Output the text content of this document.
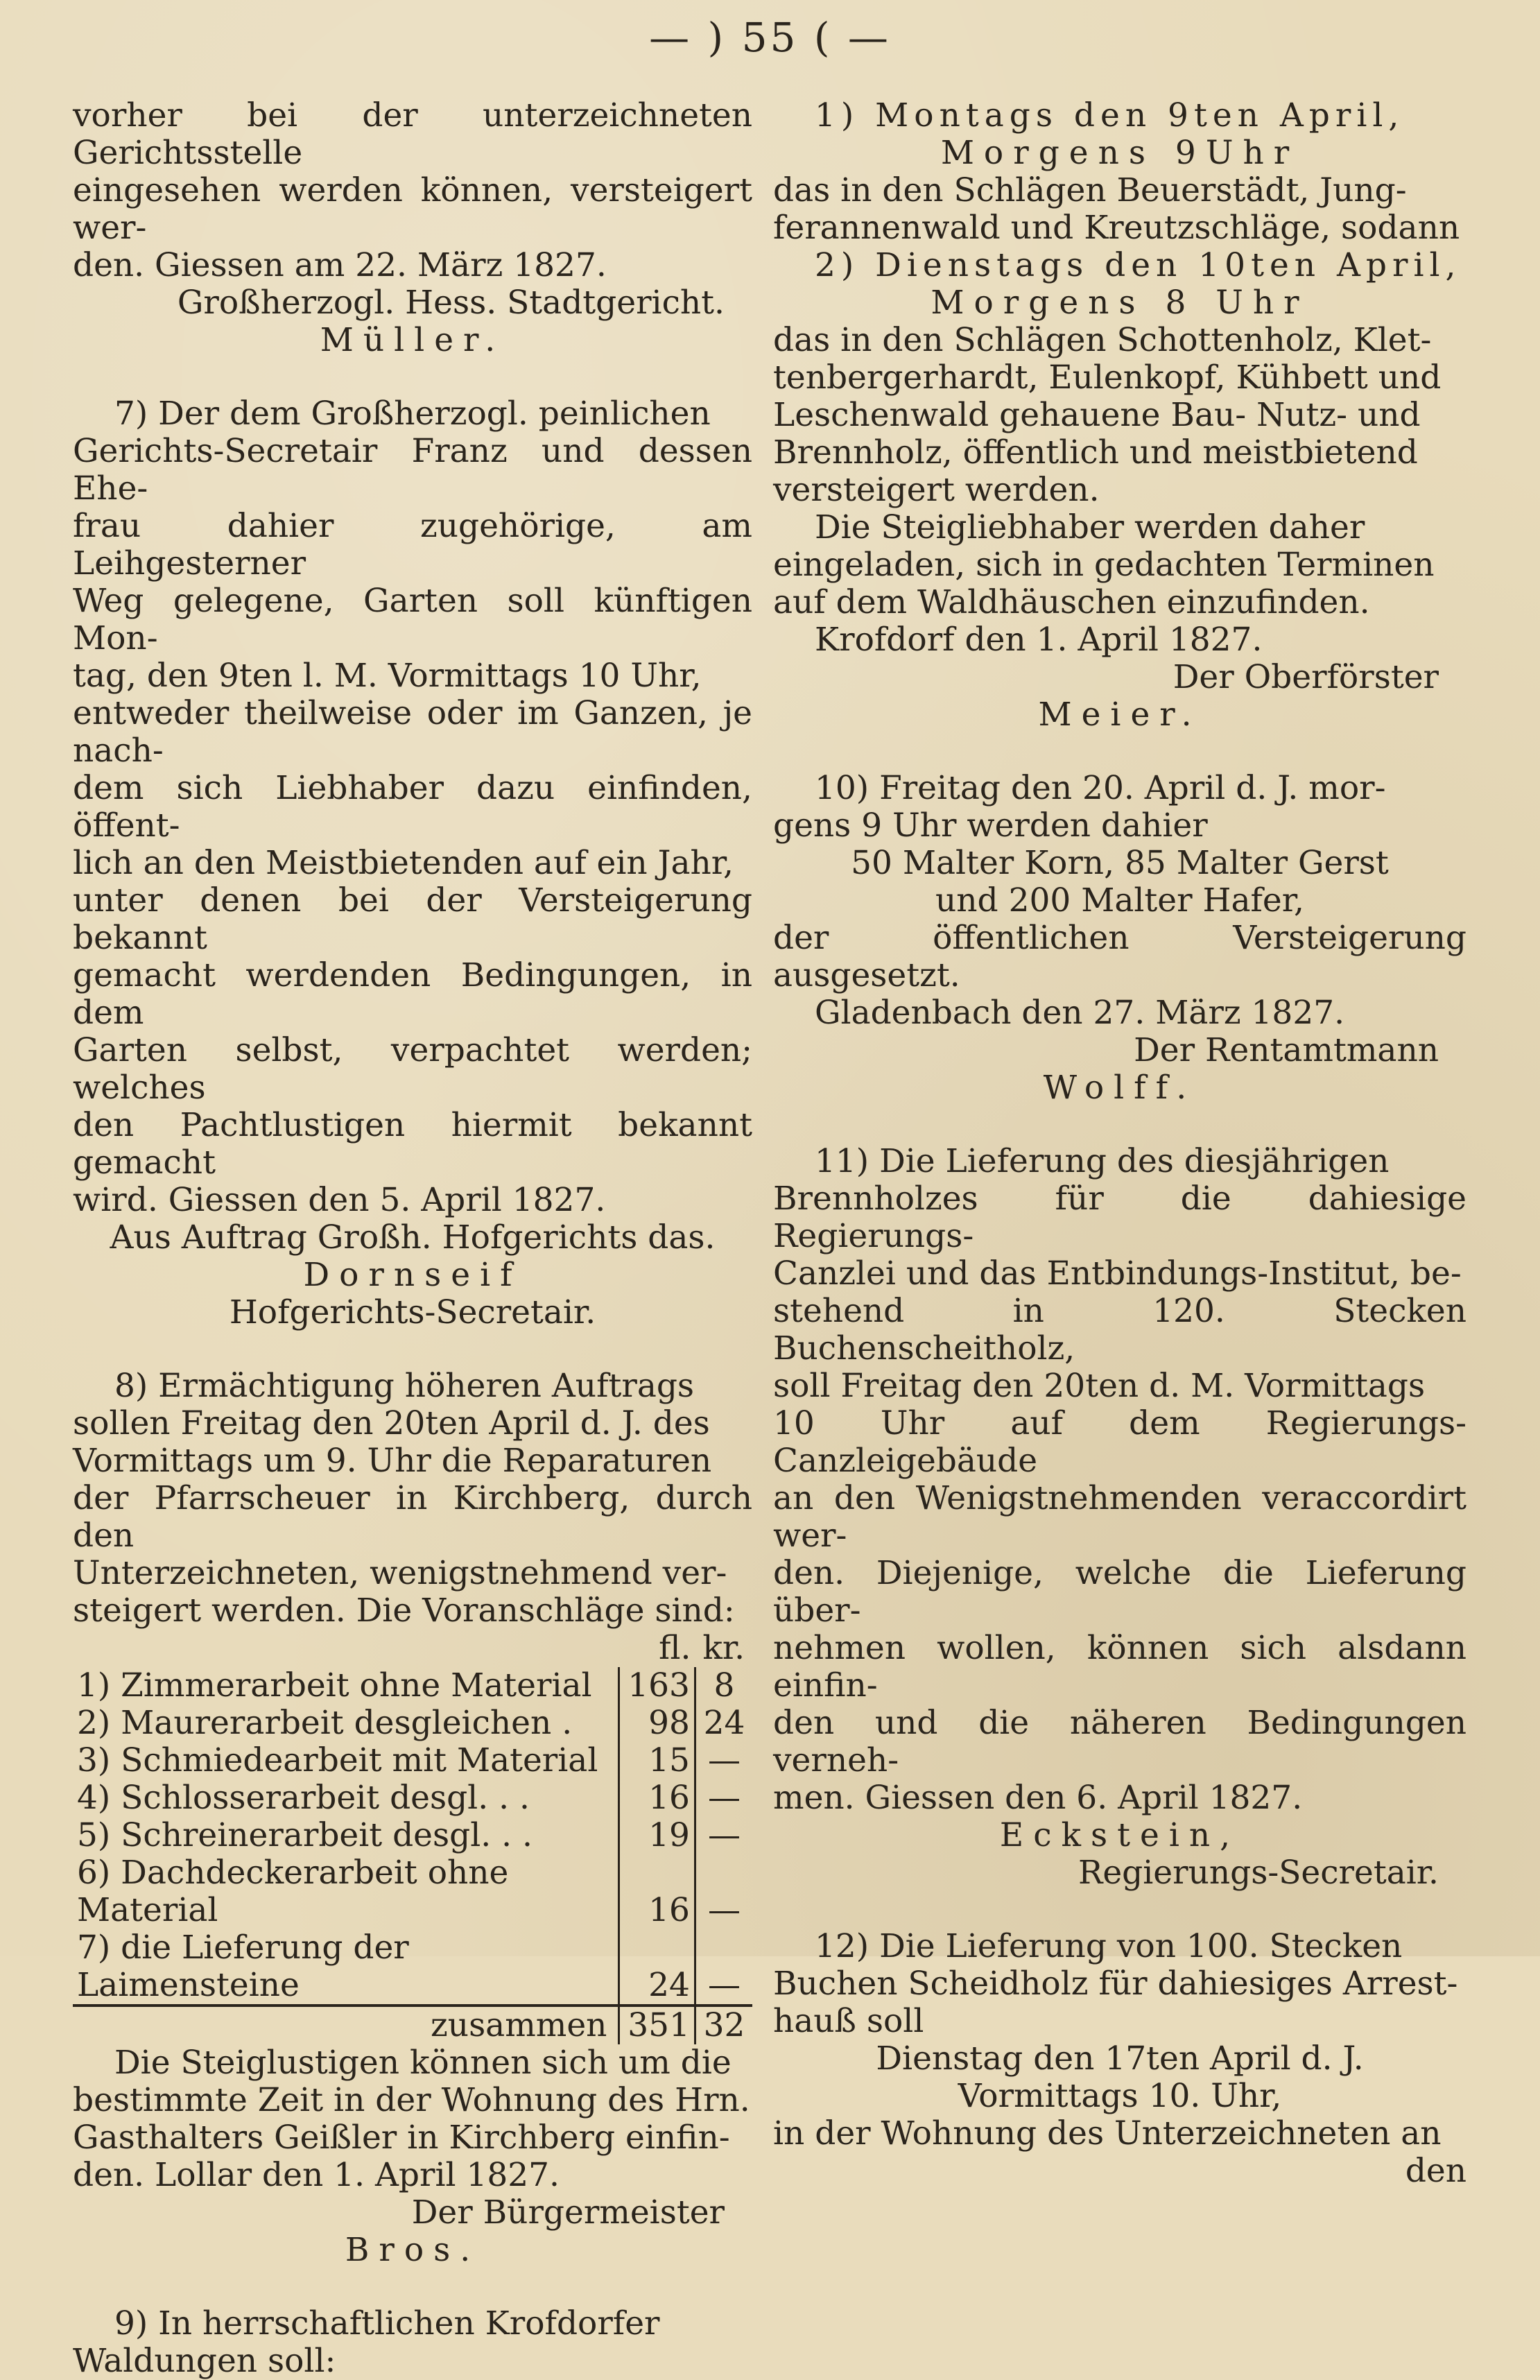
— ) 55 ( —

vorher bei der unterzeichneten Gerichtsstelle

eingesehen werden können, versteigert wer-

den. Giessen am 22. März 1827.

Großherzogl. Hess. Stadtgericht.

Müller.

7) Der dem Großherzogl. peinlichen

Gerichts-Secretair Franz und dessen Ehe-

frau dahier zugehörige, am Leihgesterner

Weg gelegene, Garten soll künftigen Mon-

tag, den 9ten l. M. Vormittags 10 Uhr,

entweder theilweise oder im Ganzen, je nach-

dem sich Liebhaber dazu einfinden, öffent-

lich an den Meistbietenden auf ein Jahr,

unter denen bei der Versteigerung bekannt

gemacht werdenden Bedingungen, in dem

Garten selbst, verpachtet werden; welches

den Pachtlustigen hiermit bekannt gemacht

wird. Giessen den 5. April 1827.

Aus Auftrag Großh. Hofgerichts das.

Dornseif

Hofgerichts-Secretair.

8) Ermächtigung höheren Auftrags

sollen Freitag den 20ten April d. J. des

Vormittags um 9. Uhr die Reparaturen

der Pfarrscheuer in Kirchberg, durch den

Unterzeichneten, wenigstnehmend ver-

steigert werden. Die Voranschläge sind:

	fl.	kr.
1) Zimmerarbeit ohne Material	163	8
2) Maurerarbeit desgleichen .	98	24
3) Schmiedearbeit mit Material	15	—
4) Schlosserarbeit desgl. . .	16	—
5) Schreinerarbeit desgl. . .	19	—
6) Dachdeckerarbeit ohne Material	16	—
7) die Lieferung der Laimensteine	24	—
zusammen	351	32

Die Steiglustigen können sich um die

bestimmte Zeit in der Wohnung des Hrn.

Gasthalters Geißler in Kirchberg einfin-

den. Lollar den 1. April 1827.

Der Bürgermeister

Bros.

9) In herrschaftlichen Krofdorfer

Waldungen soll:

1) Montags den 9ten April,

Morgens 9Uhr

das in den Schlägen Beuerstädt, Jung-

ferannenwald und Kreutzschläge, sodann

2) Dienstags den 10ten April,

Morgens 8 Uhr

das in den Schlägen Schottenholz, Klet-

tenbergerhardt, Eulenkopf, Kühbett und

Leschenwald gehauene Bau- Nutz- und

Brennholz, öffentlich und meistbietend

versteigert werden.

Die Steigliebhaber werden daher

eingeladen, sich in gedachten Terminen

auf dem Waldhäuschen einzufinden.

Krofdorf den 1. April 1827.

Der Oberförster

Meier.

10) Freitag den 20. April d. J. mor-

gens 9 Uhr werden dahier

50 Malter Korn, 85 Malter Gerst

und 200 Malter Hafer,

der öffentlichen Versteigerung ausgesetzt.

Gladenbach den 27. März 1827.

Der Rentamtmann

Wolff.

11) Die Lieferung des diesjährigen

Brennholzes für die dahiesige Regierungs-

Canzlei und das Entbindungs-Institut, be-

stehend in 120. Stecken Buchenscheitholz,

soll Freitag den 20ten d. M. Vormittags

10 Uhr auf dem Regierungs-Canzleigebäude

an den Wenigstnehmenden veraccordirt wer-

den. Diejenige, welche die Lieferung über-

nehmen wollen, können sich alsdann einfin-

den und die näheren Bedingungen verneh-

men. Giessen den 6. April 1827.

Eckstein,

Regierungs-Secretair.

12) Die Lieferung von 100. Stecken

Buchen Scheidholz für dahiesiges Arrest-

hauß soll

Dienstag den 17ten April d. J.

Vormittags 10. Uhr,

in der Wohnung des Unterzeichneten an

den
